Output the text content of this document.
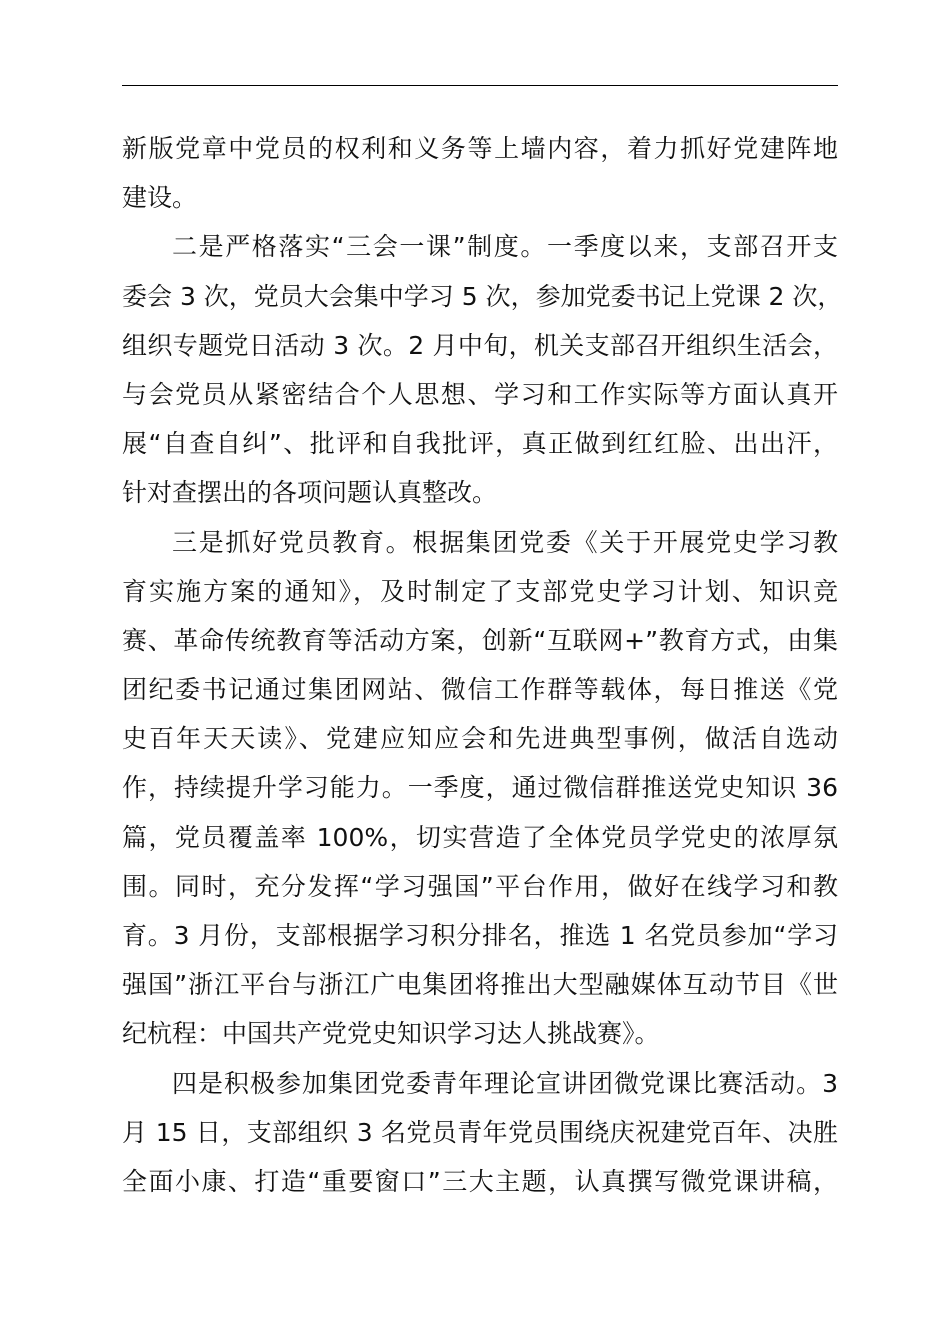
新版党章中党员的权利和义务等上墙内容，着力抓好党建阵地
建设。
二是严格落实“三会一课”制度。一季度以来，支部召开支
委会 3 次，党员大会集中学习 5 次，参加党委书记上党课 2 次，
组织专题党日活动 3 次。2 月中旬，机关支部召开组织生活会，
与会党员从紧密结合个人思想、学习和工作实际等方面认真开
展“自查自纠”、批评和自我批评，真正做到红红脸、出出汗，
针对查摆出的各项问题认真整改。
三是抓好党员教育。根据集团党委《关于开展党史学习教
育实施方案的通知》，及时制定了支部党史学习计划、知识竞
赛、革命传统教育等活动方案，创新“互联网+”教育方式，由集
团纪委书记通过集团网站、微信工作群等载体，每日推送《党
史百年天天读》、党建应知应会和先进典型事例，做活自选动
作，持续提升学习能力。一季度，通过微信群推送党史知识 36
篇，党员覆盖率 100%，切实营造了全体党员学党史的浓厚氛
围。同时，充分发挥“学习强国”平台作用，做好在线学习和教
育。3 月份，支部根据学习积分排名，推选 1 名党员参加“学习
强国”浙江平台与浙江广电集团将推出大型融媒体互动节目《世
纪杭程：中国共产党党史知识学习达人挑战赛》。
四是积极参加集团党委青年理论宣讲团微党课比赛活动。3
月 15 日，支部组织 3 名党员青年党员围绕庆祝建党百年、决胜
全面小康、打造“重要窗口”三大主题，认真撰写微党课讲稿，
